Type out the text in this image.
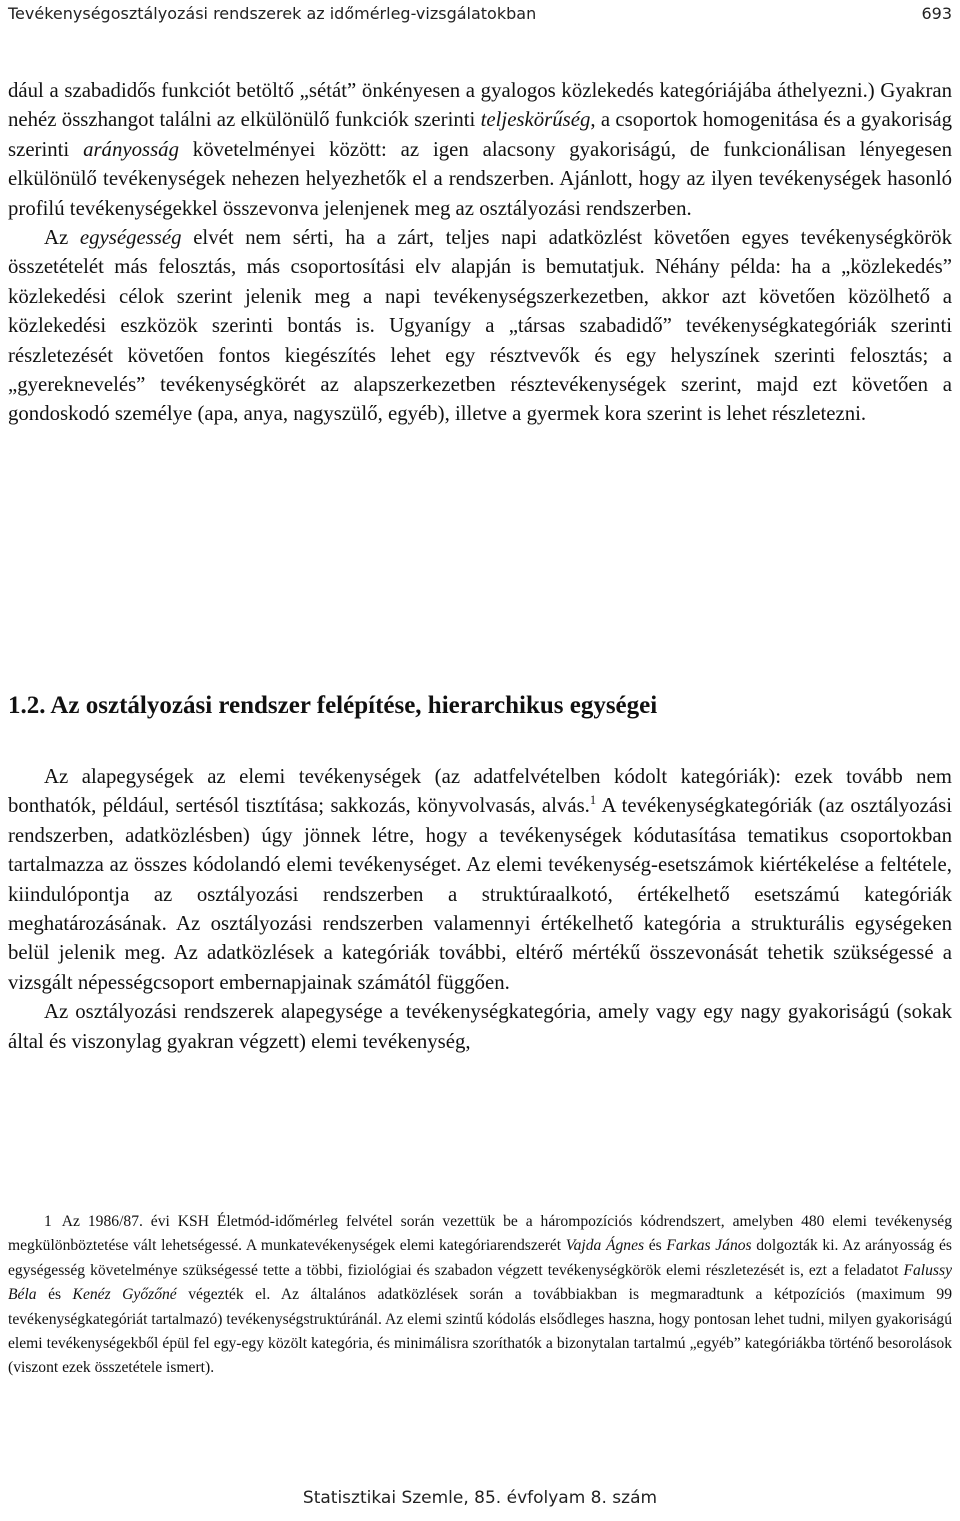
Tevékenységosztályozási rendszerek az időmérleg-vizsgálatokban	693

dául a szabadidős funkciót betöltő „sétát” önkényesen a gyalogos közlekedés kategóriájába áthelyezni.) Gyakran nehéz összhangot találni az elkülönülő funkciók szerinti teljeskörűség, a csoportok homogenitása és a gyakoriság szerinti arányosság követelményei között: az igen alacsony gyakoriságú, de funkcionálisan lényegesen elkülönülő tevékenységek nehezen helyezhetők el a rendszerben. Ajánlott, hogy az ilyen tevékenységek hasonló profilú tevékenységekkel összevonva jelenjenek meg az osztályozási rendszerben.

Az egységesség elvét nem sérti, ha a zárt, teljes napi adatközlést követően egyes tevékenységkörök összetételét más felosztás, más csoportosítási elv alapján is bemutatjuk. Néhány példa: ha a „közlekedés” közlekedési célok szerint jelenik meg a napi tevékenységszerkezetben, akkor azt követően közölhető a közlekedési eszközök szerinti bontás is. Ugyanígy a „társas szabadidő” tevékenységkategóriák szerinti részletezését követően fontos kiegészítés lehet egy résztvevők és egy helyszínek szerinti felosztás; a „gyereknevelés” tevékenységkörét az alapszerkezetben résztevékenységek szerint, majd ezt követően a gondoskodó személye (apa, anya, nagyszülő, egyéb), illetve a gyermek kora szerint is lehet részletezni.

1.2. Az osztályozási rendszer felépítése, hierarchikus egységei

Az alapegységek az elemi tevékenységek (az adatfelvételben kódolt kategóriák): ezek tovább nem bonthatók, például, sertésól tisztítása; sakkozás, könyvolvasás, alvás.$^1$ A tevékenységkategóriák (az osztályozási rendszerben, adatközlésben) úgy jönnek létre, hogy a tevékenységek kódutasítása tematikus csoportokban tartalmazza az összes kódolandó elemi tevékenységet. Az elemi tevékenység-esetszámok kiértékelése a feltétele, kiindulópontja az osztályozási rendszerben a struktúraalkotó, értékelhető esetszámú kategóriák meghatározásának. Az osztályozási rendszerben valamennyi értékelhető kategória a strukturális egységeken belül jelenik meg. Az adatközlések a kategóriák további, eltérő mértékű összevonását tehetik szükségessé a vizsgált népességcsoport embernapjainak számától függően.

Az osztályozási rendszerek alapegysége a tevékenységkategória, amely vagy egy nagy gyakoriságú (sokak által és viszonylag gyakran végzett) elemi tevékenység,

1 Az 1986/87. évi KSH Életmód-időmérleg felvétel során vezettük be a hárompozíciós kódrendszert, amelyben 480 elemi tevékenység megkülönböztetése vált lehetségessé. A munkatevékenységek elemi kategóriarendszerét Vajda Ágnes és Farkas János dolgozták ki. Az arányosság és egységesség követelménye szükségessé tette a többi, fiziológiai és szabadon végzett tevékenységkörök elemi részletezését is, ezt a feladatot Falussy Béla és Kenéz Győzőné végezték el. Az általános adatközlések során a továbbiakban is megmaradtunk a kétpozíciós (maximum 99 tevékenységkategóriát tartalmazó) tevékenységstruktúránál. Az elemi szintű kódolás elsődleges haszna, hogy pontosan lehet tudni, milyen gyakoriságú elemi tevékenységekből épül fel egy-egy közölt kategória, és minimálisra szoríthatók a bizonytalan tartalmú „egyéb” kategóriákba történő besorolások (viszont ezek összetétele ismert).

Statisztikai Szemle, 85. évfolyam 8. szám
